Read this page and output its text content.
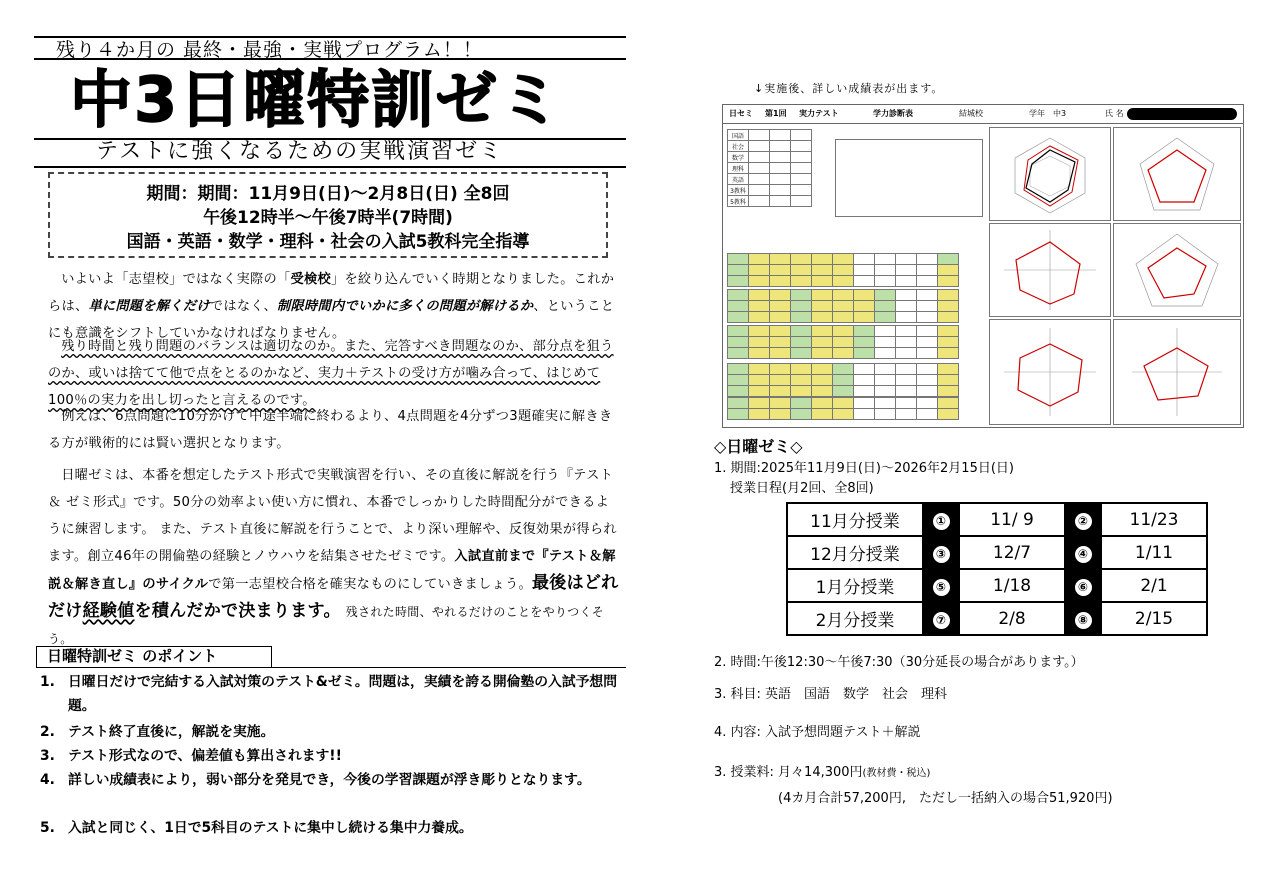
残り４か月の 最終・最強・実戦プログラム！！
中3日曜特訓ゼミ
テストに強くなるための実戦演習ゼミ
期間：期間：11月9日(日)～2月8日(日) 全8回
午後12時半～午後7時半(7時間)
国語・英語・数学・理科・社会の入試5教科完全指導
いよいよ「志望校」ではなく実際の「受検校」を絞り込んでいく時期となりました。これからは、単に問題を解くだけではなく、制限時間内でいかに多くの問題が解けるか、ということにも意識をシフトしていかなければなりません。
残り時間と残り問題のバランスは適切なのか。また、完答すべき問題なのか、部分点を狙うのか、或いは捨てて他で点をとるのかなど、実力＋テストの受け方が噛み合って、はじめて100％の実力を出し切ったと言えるのです。
例えば、6点問題に10分かけて中途半端に終わるより、4点問題を4分ずつ3題確実に解ききる方が戦術的には賢い選択となります。
日曜ゼミは、本番を想定したテスト形式で実戦演習を行い、その直後に解説を行う『テスト＆ ゼミ形式』です。50分の効率よい使い方に慣れ、本番でしっかりした時間配分ができるように練習します。 また、テスト直後に解説を行うことで、より深い理解や、反復効果が得られます。創立46年の開倫塾の経験とノウハウを結集させたゼミです。入試直前まで『テスト＆解説＆解き直し』のサイクルで第一志望校合格を確実なものにしていきましょう。最後はどれだけ経験値を積んだかで決まります。　 残された時間、やれるだけのことをやりつくそう。
日曜特訓ゼミ のポイント
1. 日曜日だけで完結する入試対策のテスト&ゼミ。問題は，実績を誇る開倫塾の入試予想問題。
2. テスト終了直後に，解説を実施。
3. テスト形式なので、偏差値も算出されます!!
4. 詳しい成績表により，弱い部分を発見でき，今後の学習課題が浮き彫りとなります。
5. 入試と同じく、1日で5科目のテストに集中し続ける集中力養成。
↓実施後、詳しい成績表が出ます。
日セミ 第1回 実力テスト	学力診断表	結城校	学年 中3	氏 名
国語			
社会			
数学			
理科			
英語			
3教科			
5教科			

◇日曜ゼミ◇
1. 期間:2025年11月9日(日)～2026年2月15日(日)
授業日程(月2回、全8回)
11月分授業	①	11/ 9	②	11/23
12月分授業	③	12/7	④	1/11
1月分授業	⑤	1/18	⑥	2/1
2月分授業	⑦	2/8	⑧	2/15
2. 時間:午後12:30～午後7:30（30分延長の場合があります。）
3. 科目: 英語　国語　数学　社会　理科
4. 内容: 入試予想問題テスト＋解説
3. 授業料: 月々14,300円(教材費・税込)
(4カ月合計57,200円,　ただし一括納入の場合51,920円)
